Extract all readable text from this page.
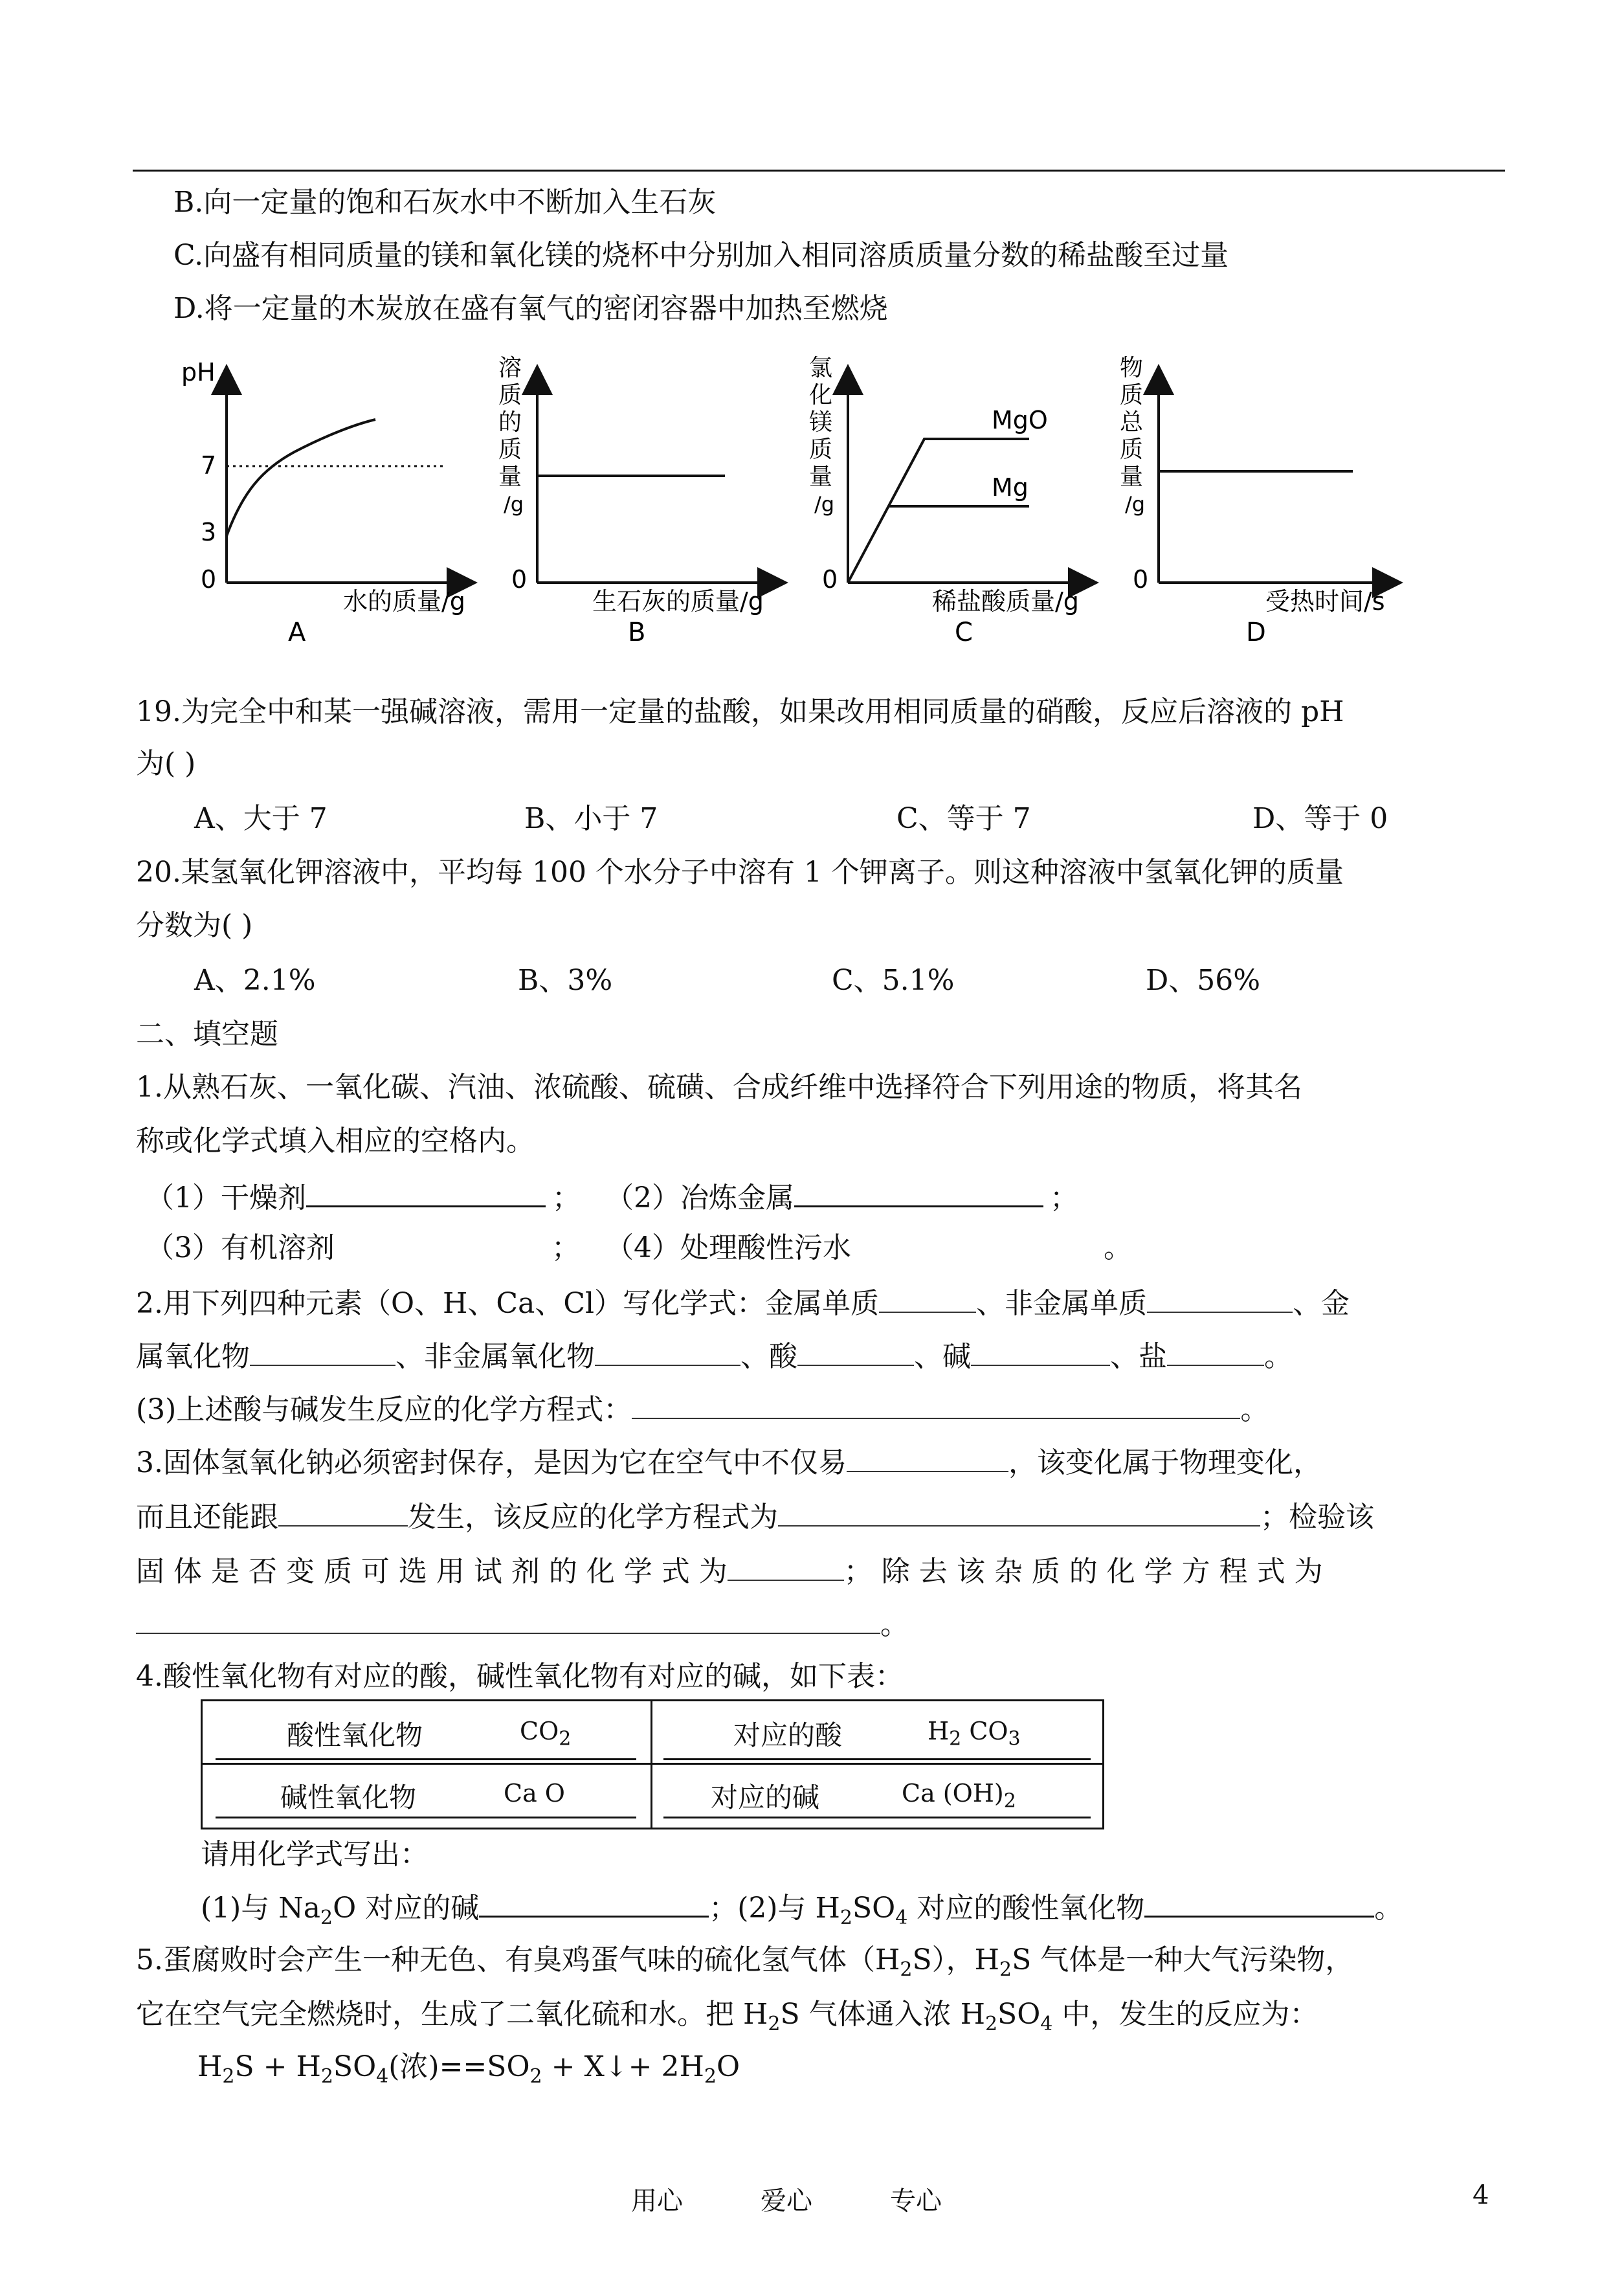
B.向一定量的饱和石灰水中不断加入生石灰
C.向盛有相同质量的镁和氧化镁的烧杯中分别加入相同溶质质量分数的稀盐酸至过量
D.将一定量的木炭放在盛有氧气的密闭容器中加热至燃烧
pH
7
3
0
水的质量/g
A
溶
质
的
质
量
/g
0
生石灰的质量/g
B
MgO
Mg
氯
化
镁
质
量
/g
0
稀盐酸质量/g
C
物
质
总
质
量
/g
0
受热时间/s
D
19.为完全中和某一强碱溶液，需用一定量的盐酸，如果改用相同质量的硝酸，反应后溶液的 pH
为( )
A、大于 7	B、小于 7	C、等于 7	D、等于 0
20.某氢氧化钾溶液中，平均每 100 个水分子中溶有 1 个钾离子。则这种溶液中氢氧化钾的质量
分数为( )
A、2.1%	B、3%	C、5.1%	D、56%
二、填空题
1.从熟石灰、一氧化碳、汽油、浓硫酸、硫磺、合成纤维中选择符合下列用途的物质，将其名
称或化学式填入相应的空格内。
（1）干燥剂	； （2）冶炼金属	；
（3）有机溶剂	； （4）处理酸性污水	。
2.用下列四种元素（O、H、Ca、Cl）写化学式：金属单质	、非金属单质	、金
属氧化物	、非金属氧化物	、酸	、碱	、盐	。
(3)上述酸与碱发生反应的化学方程式：	。
3.固体氢氧化钠必须密封保存，是因为它在空气中不仅易	，该变化属于物理变化，
而且还能跟	发生，该反应的化学方程式为	；检验该
固 体 是 否 变 质 可 选 用 试 剂 的 化 学 式 为	； 除 去 该 杂 质 的 化 学 方 程 式 为
。
4.酸性氧化物有对应的酸，碱性氧化物有对应的碱，如下表：
酸性氧化物	$CO_2$	对应的酸	$H_2$ $CO_3$
碱性氧化物	Ca O	对应的碱	Ca $(OH)_2$
请用化学式写出：
(1)与 $Na_2O$ 对应的碱	；(2)与 $H_2SO_4$ 对应的酸性氧化物	。
5.蛋腐败时会产生一种无色、有臭鸡蛋气味的硫化氢气体$(H_2S)$，$H_2S$ 气体是一种大气污染物，
它在空气完全燃烧时，生成了二氧化硫和水。把 $H_2S$ 气体通入浓 $H_2SO_4$ 中，发生的反应为：
$H_2S + H_2SO_4$(浓)$==SO_2$ + X↓+ $2H_2O$
用心	爱心	专心	4
